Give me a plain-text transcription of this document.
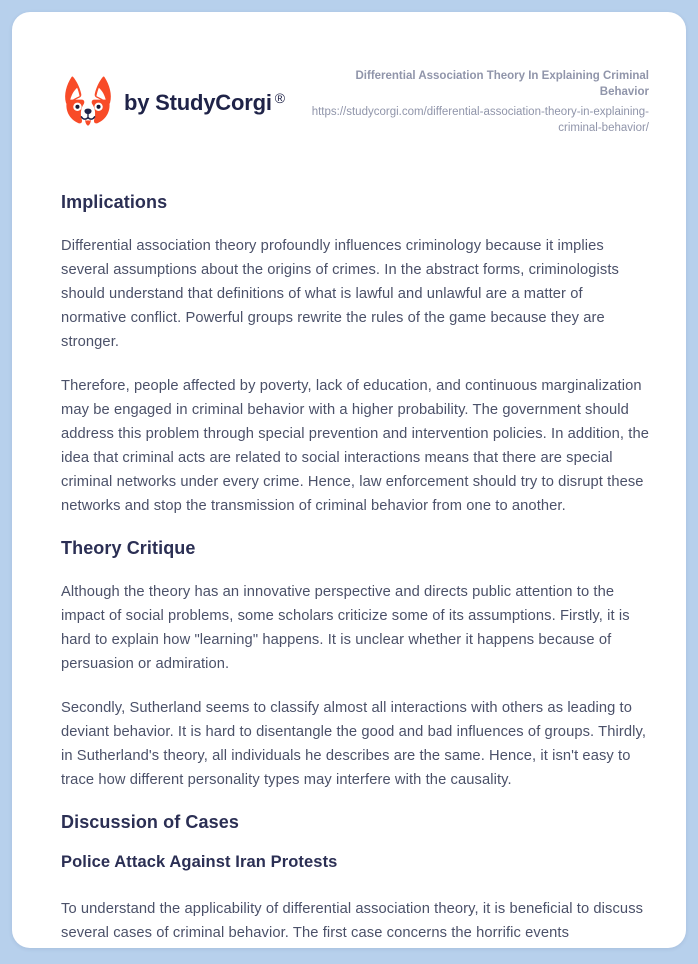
by StudyCorgi ®
Differential Association Theory In Explaining Criminal Behavior
https://studycorgi.com/differential-association-theory-in-explaining-criminal-behavior/
Implications

Differential association theory profoundly influences criminology because it implies several assumptions about the origins of crimes. In the abstract forms, criminologists should understand that definitions of what is lawful and unlawful are a matter of normative conflict. Powerful groups rewrite the rules of the game because they are stronger.

Therefore, people affected by poverty, lack of education, and continuous marginalization may be engaged in criminal behavior with a higher probability. The government should address this problem through special prevention and intervention policies. In addition, the idea that criminal acts are related to social interactions means that there are special criminal networks under every crime. Hence, law enforcement should try to disrupt these networks and stop the transmission of criminal behavior from one to another.

Theory Critique

Although the theory has an innovative perspective and directs public attention to the impact of social problems, some scholars criticize some of its assumptions. Firstly, it is hard to explain how "learning" happens. It is unclear whether it happens because of persuasion or admiration.

Secondly, Sutherland seems to classify almost all interactions with others as leading to deviant behavior. It is hard to disentangle the good and bad influences of groups. Thirdly, in Sutherland's theory, all individuals he describes are the same. Hence, it isn't easy to trace how different personality types may interfere with the causality.

Discussion of Cases
Police Attack Against Iran Protests

To understand the applicability of differential association theory, it is beneficial to discuss several cases of criminal behavior. The first case concerns the horrific events
